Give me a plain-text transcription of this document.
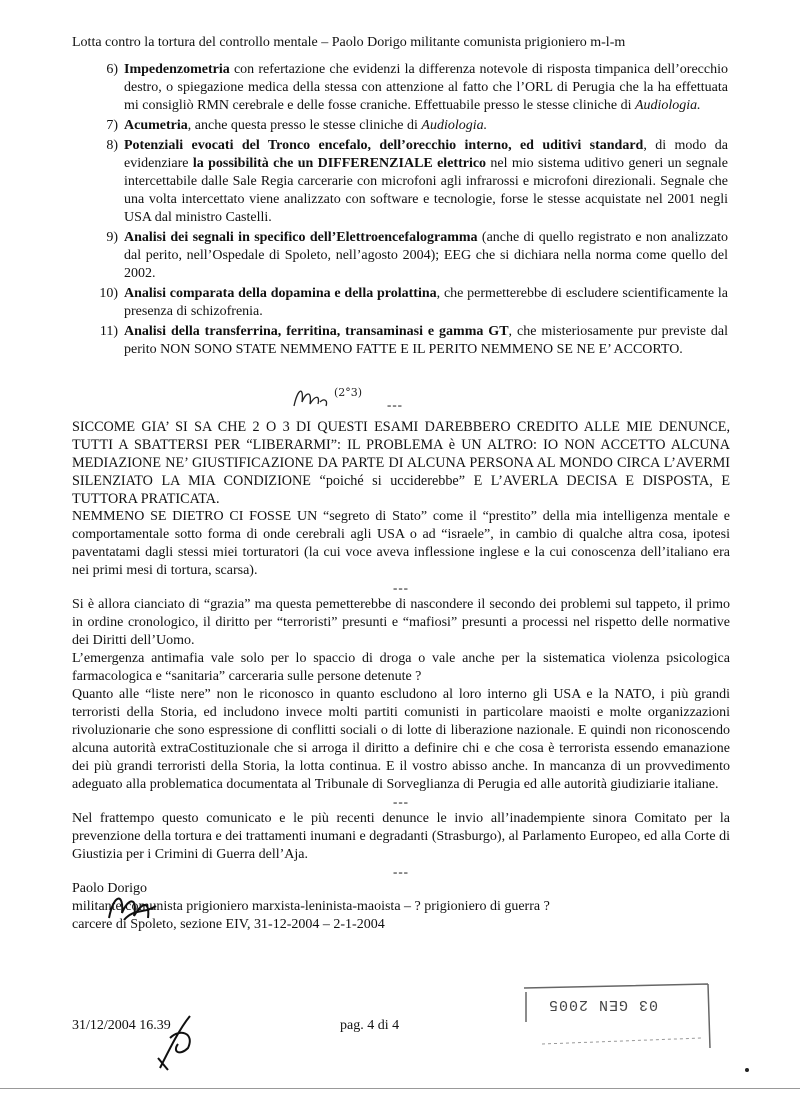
Lotta contro la tortura del controllo mentale – Paolo Dorigo militante comunista prigioniero m-l-m
6) Impedenzometria con refertazione che evidenzi la differenza notevole di risposta timpanica dell’orecchio destro, o spiegazione medica della stessa con attenzione al fatto che l’ORL di Perugia che la ha effettuata mi consigliò RMN cerebrale e delle fosse craniche. Effettuabile presso le stesse cliniche di Audiologia.
7) Acumetria, anche questa presso le stesse cliniche di Audiologia.
8) Potenziali evocati del Tronco encefalo, dell’orecchio interno, ed uditivi standard, di modo da evidenziare la possibilità che un DIFFERENZIALE elettrico nel mio sistema uditivo generi un segnale intercettabile dalle Sale Regia carcerarie con microfoni agli infrarossi e microfoni direzionali. Segnale che una volta intercettato viene analizzato con software e tecnologie, forse le stesse acquistate nel 2001 negli USA dal ministro Castelli.
9) Analisi dei segnali in specifico dell’Elettroencefalogramma (anche di quello registrato e non analizzato dal perito, nell’Ospedale di Spoleto, nell’agosto 2004); EEG che si dichiara nella norma come quello del 2002.
10) Analisi comparata della dopamina e della prolattina, che permetterebbe di escludere scientificamente la presenza di schizofrenia.
11) Analisi della transferrina, ferritina, transaminasi e gamma GT, che misteriosamente pur previste dal perito NON SONO STATE NEMMENO FATTE E IL PERITO NEMMENO SE NE E’ ACCORTO.
(2°3)
---

SICCOME GIA’ SI SA CHE 2 O 3 DI QUESTI ESAMI DAREBBERO CREDITO ALLE MIE DENUNCE, TUTTI A SBATTERSI PER “LIBERARMI”: IL PROBLEMA è UN ALTRO: IO NON ACCETTO ALCUNA MEDIAZIONE NE’ GIUSTIFICAZIONE DA PARTE DI ALCUNA PERSONA AL MONDO CIRCA L’AVERMI SILENZIATO LA MIA CONDIZIONE “poiché si ucciderebbe” E L’AVERLA DECISA E DISPOSTA, E TUTTORA PRATICATA.

NEMMENO SE DIETRO CI FOSSE UN “segreto di Stato” come il “prestito” della mia intelligenza mentale e comportamentale sotto forma di onde cerebrali agli USA o ad “israele”, in cambio di qualche altra cosa, ipotesi paventatami dagli stessi miei torturatori (la cui voce aveva inflessione inglese e la cui conoscenza dell’italiano era nei primi mesi di tortura, scarsa).

---

Si è allora cianciato di “grazia” ma questa pemetterebbe di nascondere il secondo dei problemi sul tappeto, il primo in ordine cronologico, il diritto per “terroristi” presunti e “mafiosi” presunti a processi nel rispetto delle normative dei Diritti dell’Uomo.

L’emergenza antimafia vale solo per lo spaccio di droga o vale anche per la sistematica violenza psicologica farmacologica e “sanitaria” carceraria sulle persone detenute ?

Quanto alle “liste nere” non le riconosco in quanto escludono al loro interno gli USA e la NATO, i più grandi terroristi della Storia, ed includono invece molti partiti comunisti in particolare maoisti e molte organizzazioni rivoluzionarie che sono espressione di conflitti sociali o di lotte di liberazione nazionale. E quindi non riconoscendo alcuna autorità extraCostituzionale che si arroga il diritto a definire chi e che cosa è terrorista essendo emanazione dei più grandi terroristi della Storia, la lotta continua. E il vostro abisso anche. In mancanza di un provvedimento adeguato alla problematica documentata al Tribunale di Sorveglianza di Perugia ed alle autorità giudiziarie italiane.

---

Nel frattempo questo comunicato e le più recenti denunce le invio all’inadempiente sinora Comitato per la prevenzione della tortura e dei trattamenti inumani e degradanti (Strasburgo), al Parlamento Europeo, ed alla Corte di Giustizia per i Crimini di Guerra dell’Aja.

---

Paolo Dorigo

militante comunista prigioniero marxista-leninista-maoista – ? prigioniero di guerra ?

carcere di Spoleto, sezione EIV, 31-12-2004 – 2-1-2004

31/12/2004 16.39	pag. 4 di 4
03 GEN 2005
